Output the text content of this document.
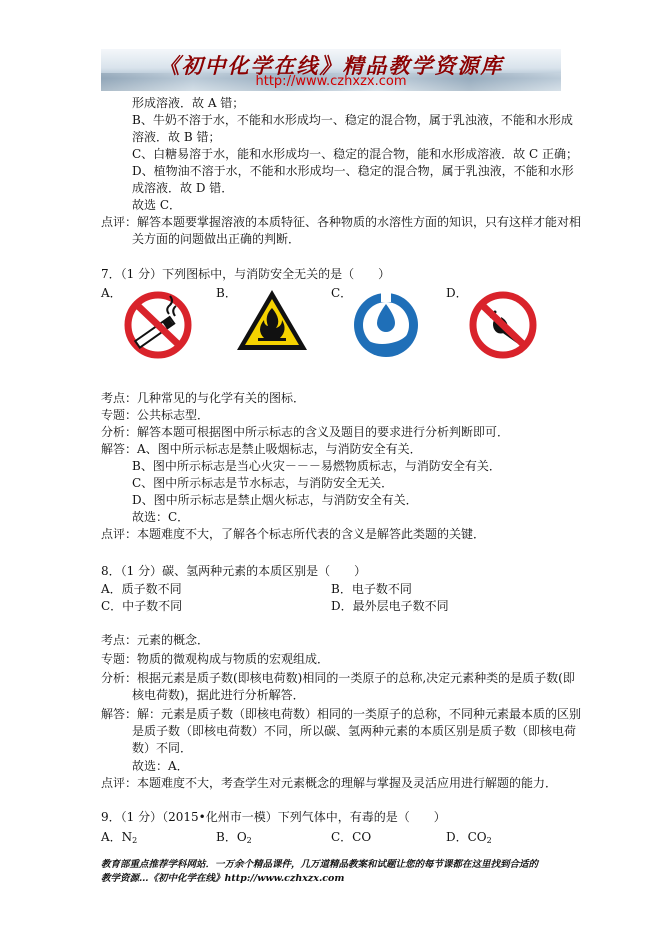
《初中化学在线》精品教学资源库
http://www.czhxzx.com
形成溶液．故 A 错；
B、牛奶不溶于水，不能和水形成均一、稳定的混合物，属于乳浊液，不能和水形成
溶液．故 B 错；
C、白糖易溶于水，能和水形成均一、稳定的混合物，能和水形成溶液．故 C 正确；
D、植物油不溶于水，不能和水形成均一、稳定的混合物，属于乳浊液，不能和水形
成溶液．故 D 错．
故选 C．
点评：解答本题要掌握溶液的本质特征、各种物质的水溶性方面的知识，只有这样才能对相
关方面的问题做出正确的判断．
7．（1 分）下列图标中，与消防安全无关的是（　　）
A．	B．	C．	D．
考点：几种常见的与化学有关的图标．
专题：公共标志型．
分析：解答本题可根据图中所示标志的含义及题目的要求进行分析判断即可．
解答：A、图中所示标志是禁止吸烟标志，与消防安全有关．
B、图中所示标志是当心火灾－－－易燃物质标志，与消防安全有关．
C、图中所示标志是节水标志，与消防安全无关．
D、图中所示标志是禁止烟火标志，与消防安全有关．
故选：C．
点评：本题难度不大，了解各个标志所代表的含义是解答此类题的关键．
8．（1 分）碳、氢两种元素的本质区别是（　　）
A．质子数不同	B．电子数不同
C．中子数不同	D．最外层电子数不同
考点：元素的概念．
专题：物质的微观构成与物质的宏观组成．
分析：根据元素是质子数(即核电荷数)相同的一类原子的总称,决定元素种类的是质子数(即
核电荷数)，据此进行分析解答．
解答：解：元素是质子数（即核电荷数）相同的一类原子的总称，不同种元素最本质的区别
是质子数（即核电荷数）不同，所以碳、氢两种元素的本质区别是质子数（即核电荷
数）不同．
故选：A．
点评：本题难度不大，考查学生对元素概念的理解与掌握及灵活应用进行解题的能力．
9．（1 分）（2015•化州市一模）下列气体中，有毒的是（　　）
A．$N_2$	B．$O_2$	C．CO	D．$CO_2$
教育部重点推荐学科网站．一万余个精品课件，几万道精品教案和试题让您的每节课都在这里找到合适的
教学资源…《初中化学在线》http://www.czhxzx.com
